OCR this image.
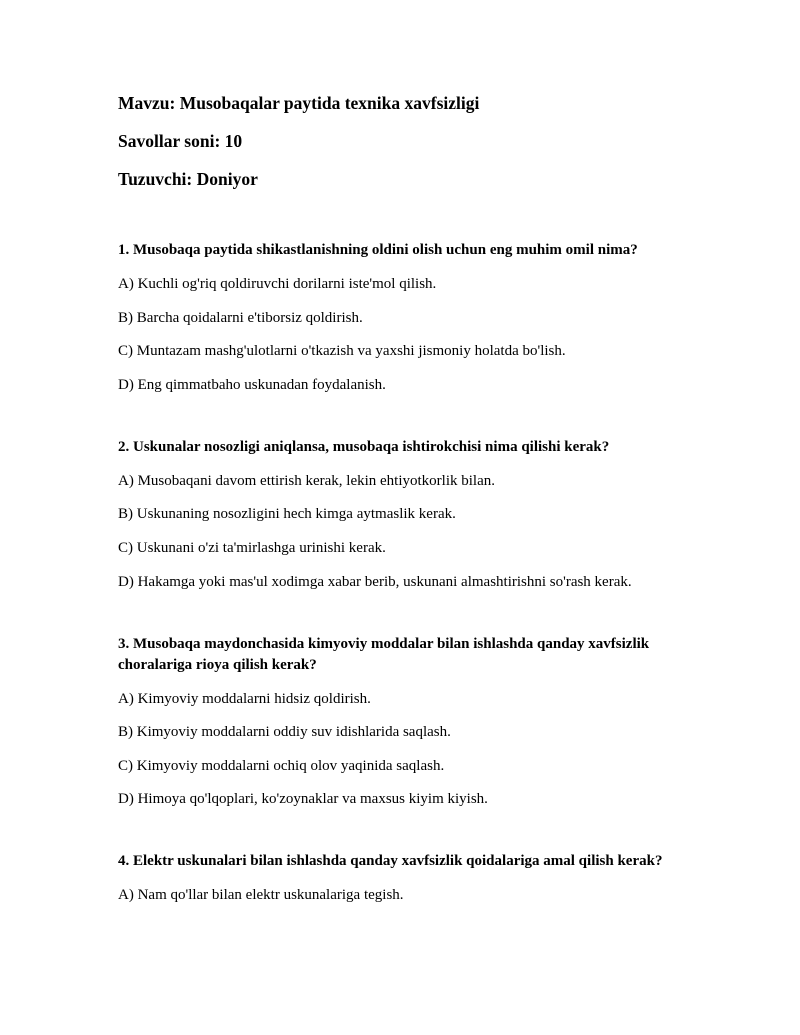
Mavzu: Musobaqalar paytida texnika xavfsizligi
Savollar soni: 10
Tuzuvchi: Doniyor
1. Musobaqa paytida shikastlanishning oldini olish uchun eng muhim omil nima?
A) Kuchli og'riq qoldiruvchi dorilarni iste'mol qilish.
B) Barcha qoidalarni e'tiborsiz qoldirish.
C) Muntazam mashg'ulotlarni o'tkazish va yaxshi jismoniy holatda bo'lish.
D) Eng qimmatbaho uskunadan foydalanish.
2. Uskunalar nosozligi aniqlansa, musobaqa ishtirokchisi nima qilishi kerak?
A) Musobaqani davom ettirish kerak, lekin ehtiyotkorlik bilan.
B) Uskunaning nosozligini hech kimga aytmaslik kerak.
C) Uskunani o'zi ta'mirlashga urinishi kerak.
D) Hakamga yoki mas'ul xodimga xabar berib, uskunani almashtirishni so'rash kerak.
3. Musobaqa maydonchasida kimyoviy moddalar bilan ishlashda qanday xavfsizlik choralariga rioya qilish kerak?
A) Kimyoviy moddalarni hidsiz qoldirish.
B) Kimyoviy moddalarni oddiy suv idishlarida saqlash.
C) Kimyoviy moddalarni ochiq olov yaqinida saqlash.
D) Himoya qo'lqoplari, ko'zoynaklar va maxsus kiyim kiyish.
4. Elektr uskunalari bilan ishlashda qanday xavfsizlik qoidalariga amal qilish kerak?
A) Nam qo'llar bilan elektr uskunalariga tegish.
